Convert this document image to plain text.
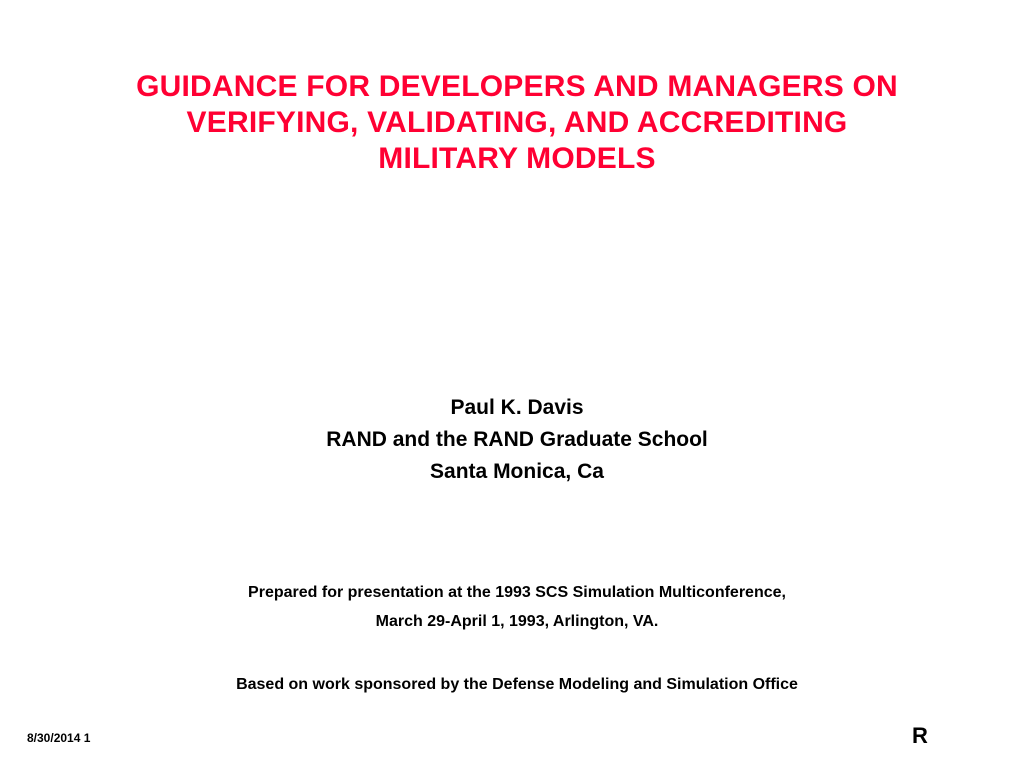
GUIDANCE FOR DEVELOPERS AND MANAGERS ON
VERIFYING, VALIDATING, AND ACCREDITING
MILITARY MODELS
Paul K. Davis
RAND and the RAND Graduate School
Santa Monica, Ca
Prepared for presentation at the 1993 SCS Simulation Multiconference,
March 29-April 1, 1993, Arlington, VA.
Based on work sponsored by the Defense Modeling and Simulation Office
8/30/2014 1	R
